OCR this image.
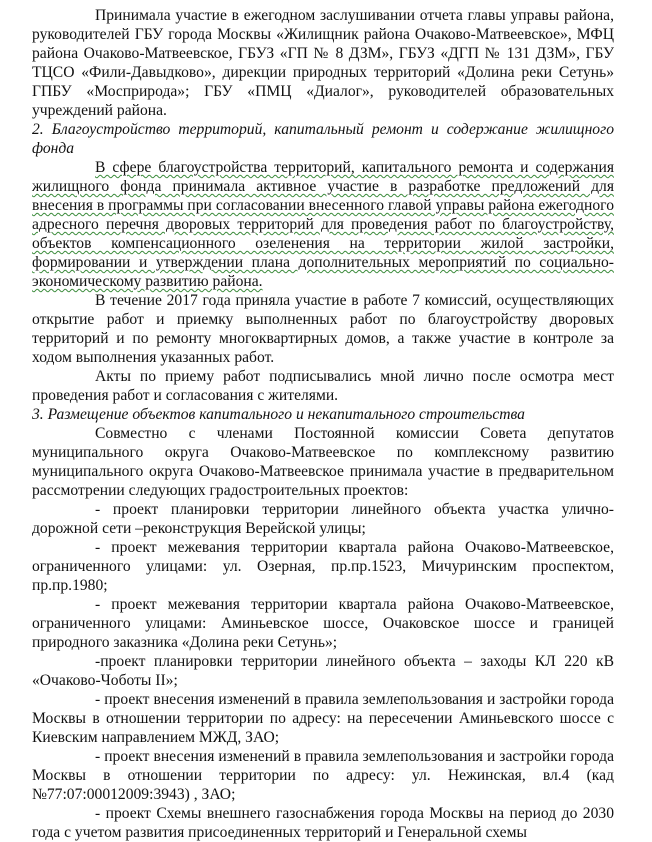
Принимала участие в ежегодном заслушивании отчета главы управы района, руководителей ГБУ города Москвы «Жилищник района Очаково-Матвеевское», МФЦ района Очаково-Матвеевское, ГБУЗ «ГП № 8 ДЗМ», ГБУЗ «ДГП № 131 ДЗМ», ГБУ ТЦСО «Фили-Давыдково», дирекции природных территорий «Долина реки Сетунь» ГПБУ «Мосприрода»; ГБУ «ПМЦ «Диалог», руководителей образовательных учреждений района.

2. Благоустройство территорий, капитальный ремонт и содержание жилищного фонда

В сфере благоустройства территорий, капитального ремонта и содержания жилищного фонда принимала активное участие в разработке предложений для внесения в программы при согласовании внесенного главой управы района ежегодного адресного перечня дворовых территорий для проведения работ по благоустройству, объектов компенсационного озеленения на территории жилой застройки, формировании и утверждении плана дополнительных мероприятий по социально-экономическому развитию района.

В течение 2017 года приняла участие в работе 7 комиссий, осуществляющих открытие работ и приемку выполненных работ по благоустройству дворовых территорий и по ремонту многоквартирных домов, а также участие в контроле за ходом выполнения указанных работ.

Акты по приему работ подписывались мной лично после осмотра мест проведения работ и согласования с жителями.

3. Размещение объектов капитального и некапитального строительства

Совместно с членами Постоянной комиссии Совета депутатов муниципального округа Очаково-Матвеевское по комплексному развитию муниципального округа Очаково-Матвеевское принимала участие в предварительном рассмотрении следующих градостроительных проектов:

- проект планировки территории линейного объекта участка улично-дорожной сети –реконструкция Верейской улицы;

- проект межевания территории квартала района Очаково-Матвеевское, ограниченного улицами: ул. Озерная, пр.пр.1523, Мичуринским проспектом, пр.пр.1980;

- проект межевания территории квартала района Очаково-Матвеевское, ограниченного улицами: Аминьевское шоссе, Очаковское шоссе и границей природного заказника «Долина реки Сетунь»;

-проект планировки территории линейного объекта – заходы КЛ 220 кВ «Очаково-Чоботы II»;

- проект внесения изменений в правила землепользования и застройки города Москвы в отношении территории по адресу: на пересечении Аминьевского шоссе с Киевским направлением МЖД, ЗАО;

- проект внесения изменений в правила землепользования и застройки города Москвы в отношении территории по адресу: ул. Нежинская, вл.4 (кад №77:07:00012009:3943) , ЗАО;

- проект Схемы внешнего газоснабжения города Москвы на период до 2030 года с учетом развития присоединенных территорий и Генеральной схемы
